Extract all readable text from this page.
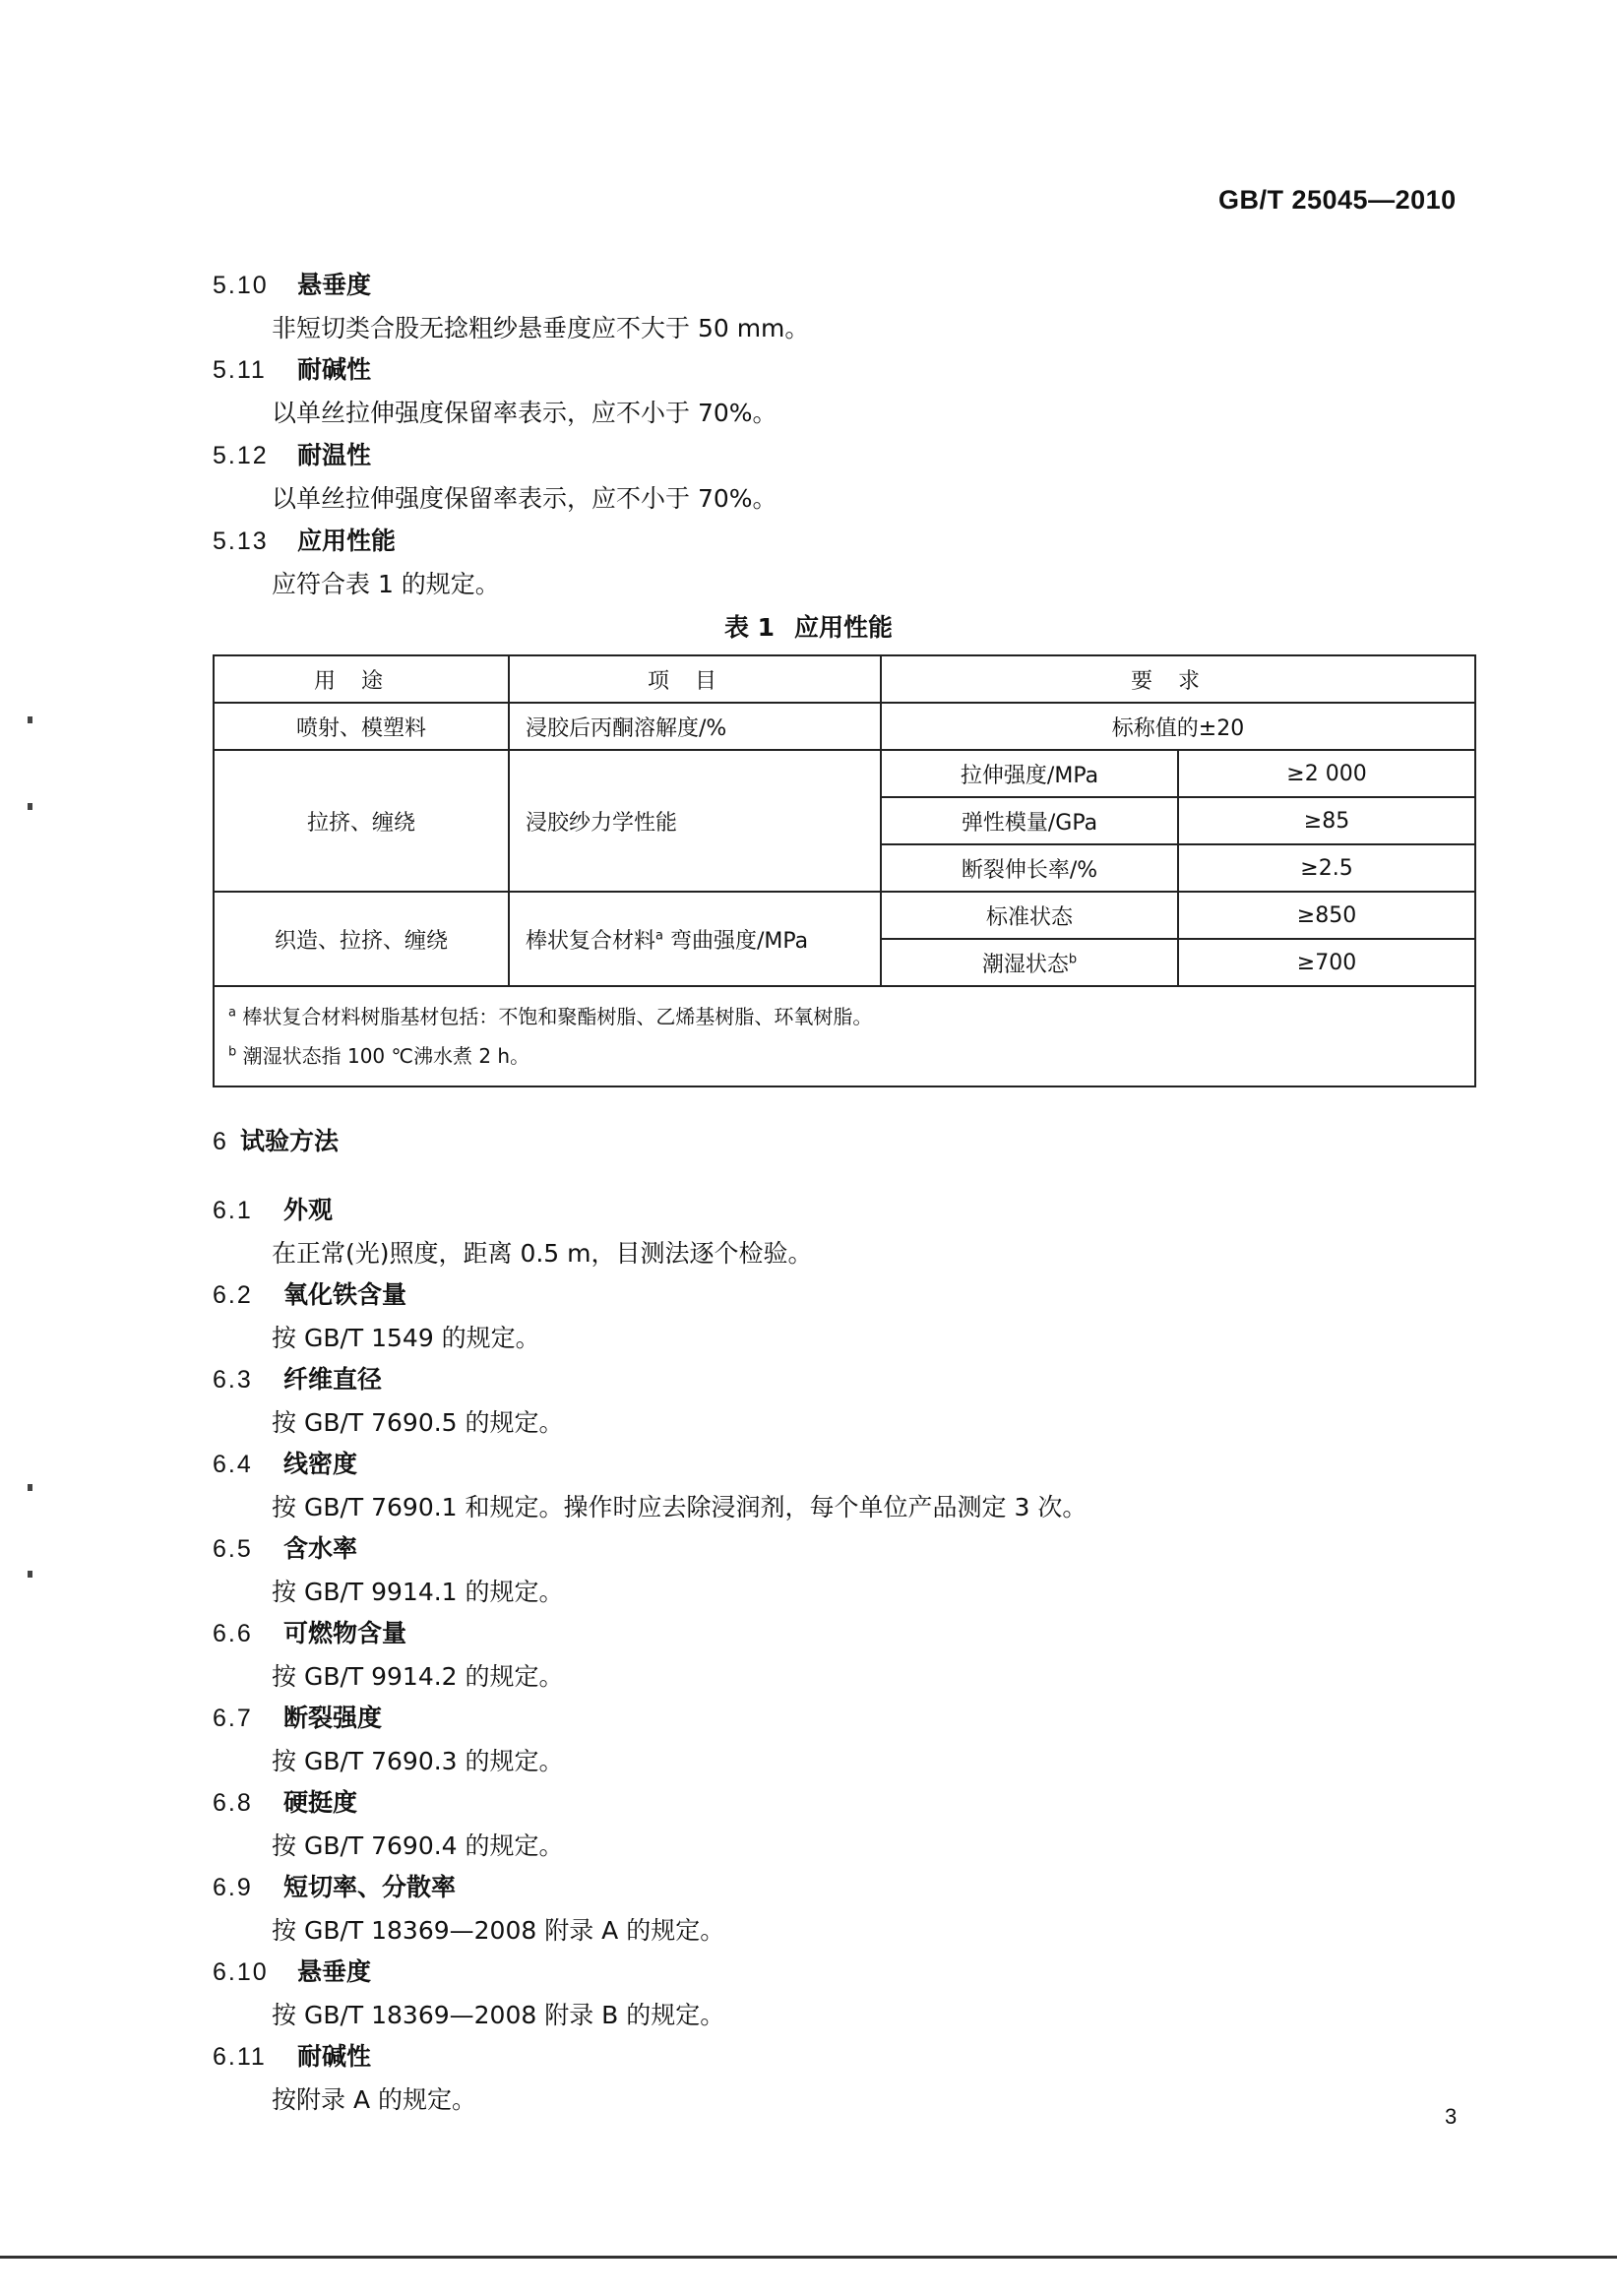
GB/T 25045—2010
5.10 悬垂度
非短切类合股无捻粗纱悬垂度应不大于 50 mm。
5.11 耐碱性
以单丝拉伸强度保留率表示，应不小于 70%。
5.12 耐温性
以单丝拉伸强度保留率表示，应不小于 70%。
5.13 应用性能
应符合表 1 的规定。
表 1 应用性能
用途	项目	要求	
喷射、模塑料	浸胶后丙酮溶解度/%	标称值的±20	
拉挤、缠绕	浸胶纱力学性能	拉伸强度/MPa	≥2 000
		弹性模量/GPa	≥85
		断裂伸长率/%	≥2.5
织造、拉挤、缠绕	棒状复合材料$^a$ 弯曲强度/MPa	标准状态	≥850
		潮湿状态$^b$	≥700

$^a$ 棒状复合材料树脂基材包括：不饱和聚酯树脂、乙烯基树脂、环氧树脂。
$^b$ 潮湿状态指 100 ℃沸水煮 2 h。			
6 试验方法
6.1 外观
在正常(光)照度，距离 0.5 m，目测法逐个检验。
6.2 氧化铁含量
按 GB/T 1549 的规定。
6.3 纤维直径
按 GB/T 7690.5 的规定。
6.4 线密度
按 GB/T 7690.1 和规定。操作时应去除浸润剂，每个单位产品测定 3 次。
6.5 含水率
按 GB/T 9914.1 的规定。
6.6 可燃物含量
按 GB/T 9914.2 的规定。
6.7 断裂强度
按 GB/T 7690.3 的规定。
6.8 硬挺度
按 GB/T 7690.4 的规定。
6.9 短切率、分散率
按 GB/T 18369—2008 附录 A 的规定。
6.10 悬垂度
按 GB/T 18369—2008 附录 B 的规定。
6.11 耐碱性
按附录 A 的规定。
3
